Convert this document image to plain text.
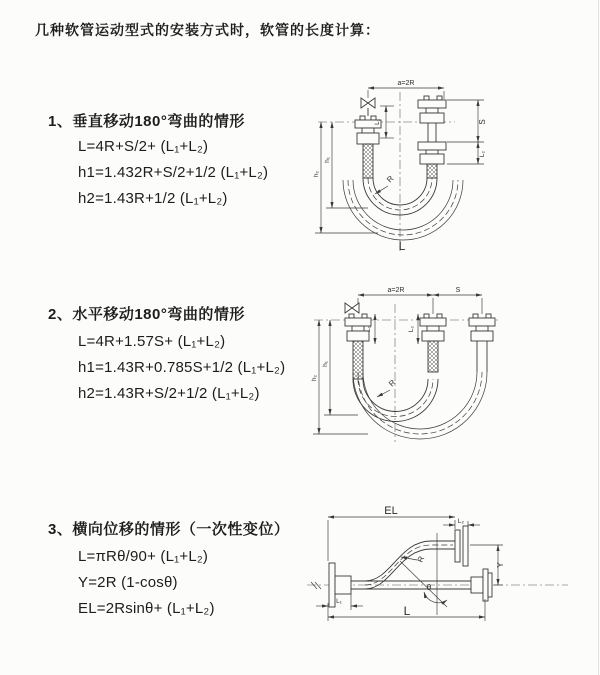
几种软管运动型式的安装方式时，软管的长度计算：
1、垂直移动180°弯曲的情形
L=4R+S/2+ (L₁+L₂)
h1=1.432R+S/2+1/2 (L₁+L₂)
h2=1.43R+1/2 (L₁+L₂)
2、水平移动180°弯曲的情形
L=4R+1.57S+ (L₁+L₂)
h1=1.43R+0.785S+1/2 (L₁+L₂)
h2=1.43R+S/2+1/2 (L₁+L₂)
3、横向位移的情形（一次性变位）
L=πRθ/90+ (L₁+L₂)
Y=2R (1-cosθ)
EL=2Rsinθ+ (L₁+L₂)
a=2R
L₁	S
L₂
h₁
h₂	R
L
a=2R	S
L₁	L₂
h₁
h₂	R
EL
L₂
Y
R
θ
L₁
L
